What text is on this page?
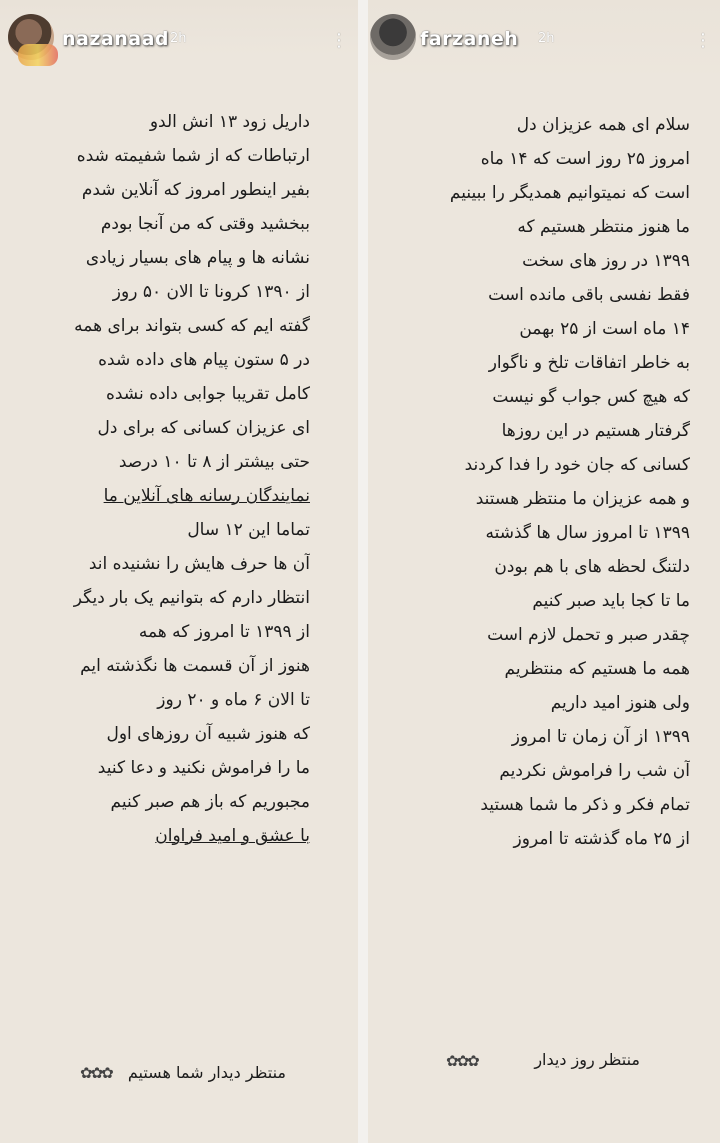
nazanaad 2h	⋮
داریل زود ۱۳ انش الدو
ارتباطات که از شما شفیمته شده
بفیر اینطور امروز که آنلاین شدم
ببخشید وقتی که من آنجا بودم
نشانه ها و پیام های بسیار زیادی
از ۱۳۹۰ کرونا تا الان ۵۰ روز
گفته ایم که کسی بتواند برای همه
در ۵ ستون پیام های داده شده
کامل تقریبا جوابی داده نشده
ای عزیزان کسانی که برای دل
حتی بیشتر از ۸ تا ۱۰ درصد
نمایندگان رسانه های آنلاین ما
تماما این ۱۲ سال
آن ها حرف هایش را نشنیده اند
انتظار دارم که بتوانیم یک بار دیگر
از ۱۳۹۹ تا امروز که همه
هنوز از آن قسمت ها نگذشته ایم
تا الان ۶ ماه و ۲۰ روز
که هنوز شبیه آن روزهای اول
ما را فراموش نکنید و دعا کنید
مجبوریم که باز هم صبر کنیم
با عشق و امید فراوان
✿✿✿ منتظر دیدار شما هستیم
farzaneh 2h	⋮
سلام ای همه عزیزان دل
امروز ۲۵ روز است که ۱۴ ماه
است که نمیتوانیم همدیگر را ببینیم
ما هنوز منتظر هستیم که
۱۳۹۹ در روز های سخت
فقط نفسی باقی مانده است
۱۴ ماه است از ۲۵ بهمن
به خاطر اتفاقات تلخ و ناگوار
که هیچ کس جواب گو نیست
گرفتار هستیم در این روزها
کسانی که جان خود را فدا کردند
و همه عزیزان ما منتظر هستند
۱۳۹۹ تا امروز سال ها گذشته
دلتنگ لحظه های با هم بودن
ما تا کجا باید صبر کنیم
چقدر صبر و تحمل لازم است
همه ما هستیم که منتظریم
ولی هنوز امید داریم
۱۳۹۹ از آن زمان تا امروز
آن شب را فراموش نکردیم
تمام فکر و ذکر ما شما هستید
از ۲۵ ماه گذشته تا امروز
✿✿✿	منتظر روز دیدار
